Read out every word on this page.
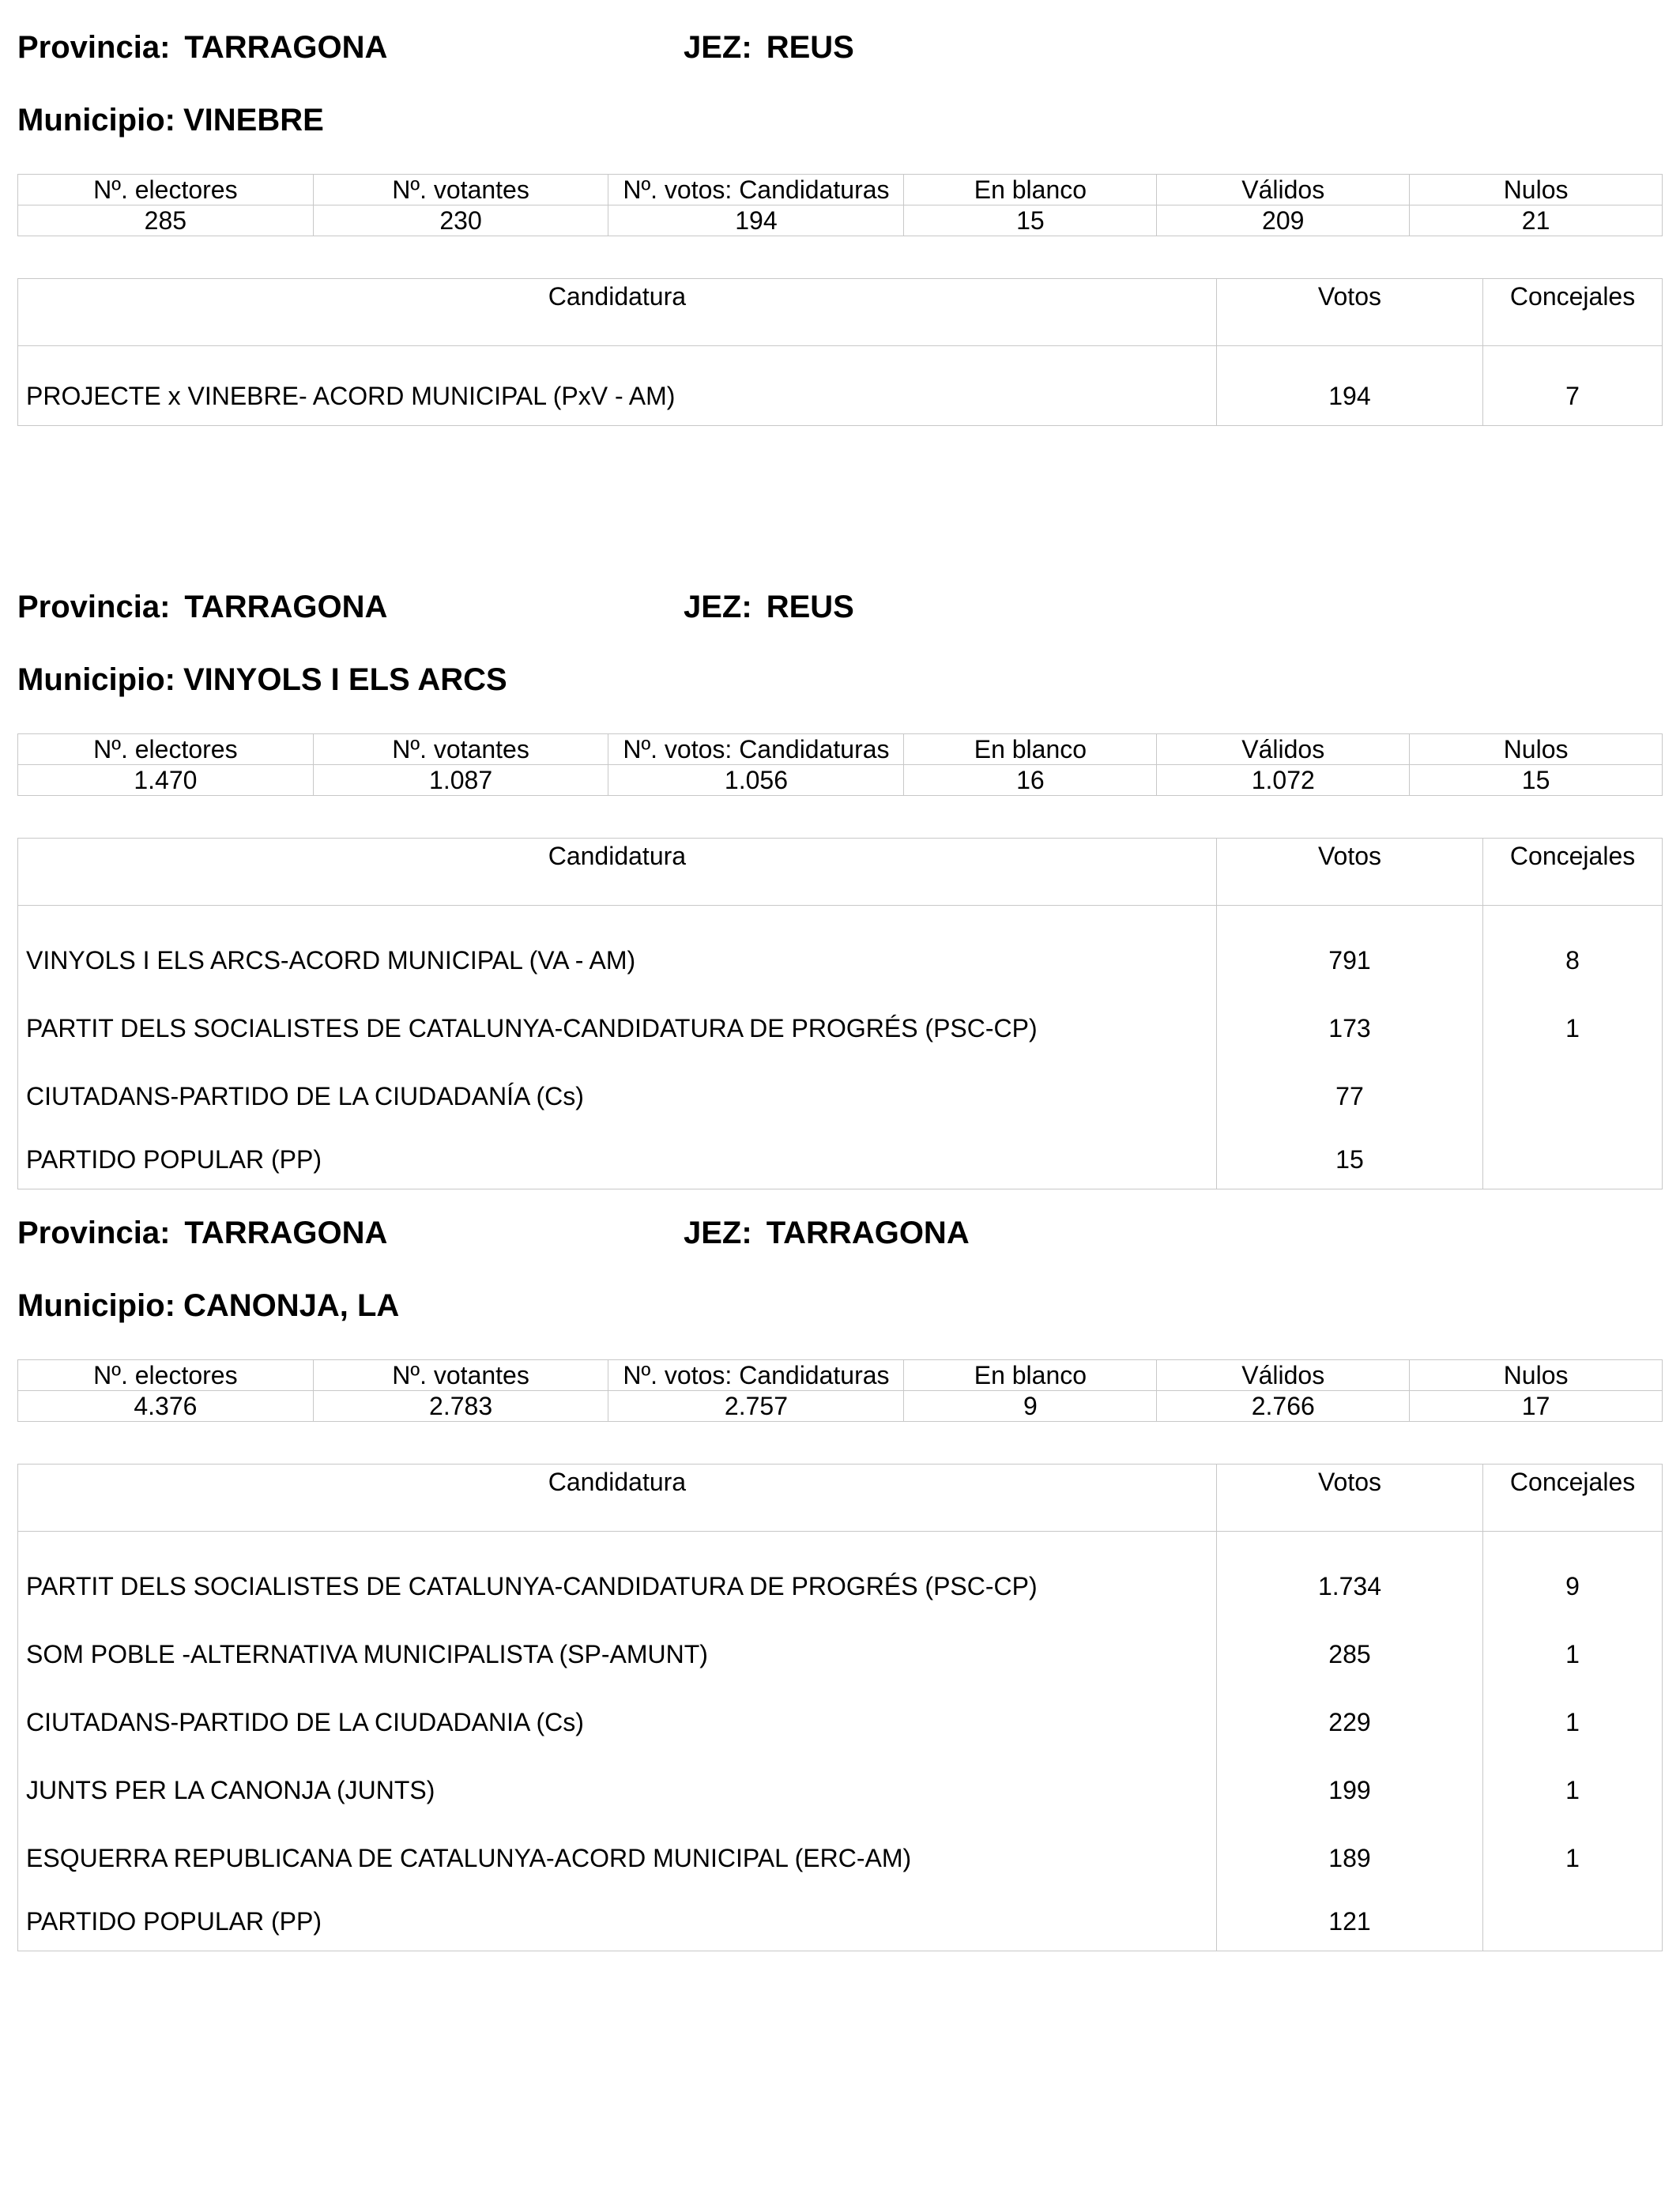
Provincia: TARRAGONA	JEZ: REUS
Municipio: VINEBRE
Nº. electores	Nº. votantes	Nº. votos: Candidaturas	En blanco	Válidos	Nulos
285	230	194	15	209	21
Candidatura	Votos	Concejales
PROJECTE x VINEBRE- ACORD MUNICIPAL (PxV - AM)	194	7
Provincia: TARRAGONA	JEZ: REUS
Municipio: VINYOLS I ELS ARCS
Nº. electores	Nº. votantes	Nº. votos: Candidaturas	En blanco	Válidos	Nulos
1.470	1.087	1.056	16	1.072	15
Candidatura	Votos	Concejales
VINYOLS I ELS ARCS-ACORD MUNICIPAL (VA - AM)	791	8
PARTIT DELS SOCIALISTES DE CATALUNYA-CANDIDATURA DE PROGRÉS (PSC-CP)	173	1
CIUTADANS-PARTIDO DE LA CIUDADANÍA (Cs)	77	
PARTIDO POPULAR (PP)	15	
Provincia: TARRAGONA	JEZ: TARRAGONA
Municipio: CANONJA, LA
Nº. electores	Nº. votantes	Nº. votos: Candidaturas	En blanco	Válidos	Nulos
4.376	2.783	2.757	9	2.766	17
Candidatura	Votos	Concejales
PARTIT DELS SOCIALISTES DE CATALUNYA-CANDIDATURA DE PROGRÉS (PSC-CP)	1.734	9
SOM POBLE -ALTERNATIVA MUNICIPALISTA (SP-AMUNT)	285	1
CIUTADANS-PARTIDO DE LA CIUDADANIA (Cs)	229	1
JUNTS PER LA CANONJA (JUNTS)	199	1
ESQUERRA REPUBLICANA DE CATALUNYA-ACORD MUNICIPAL (ERC-AM)	189	1
PARTIDO POPULAR (PP)	121	
